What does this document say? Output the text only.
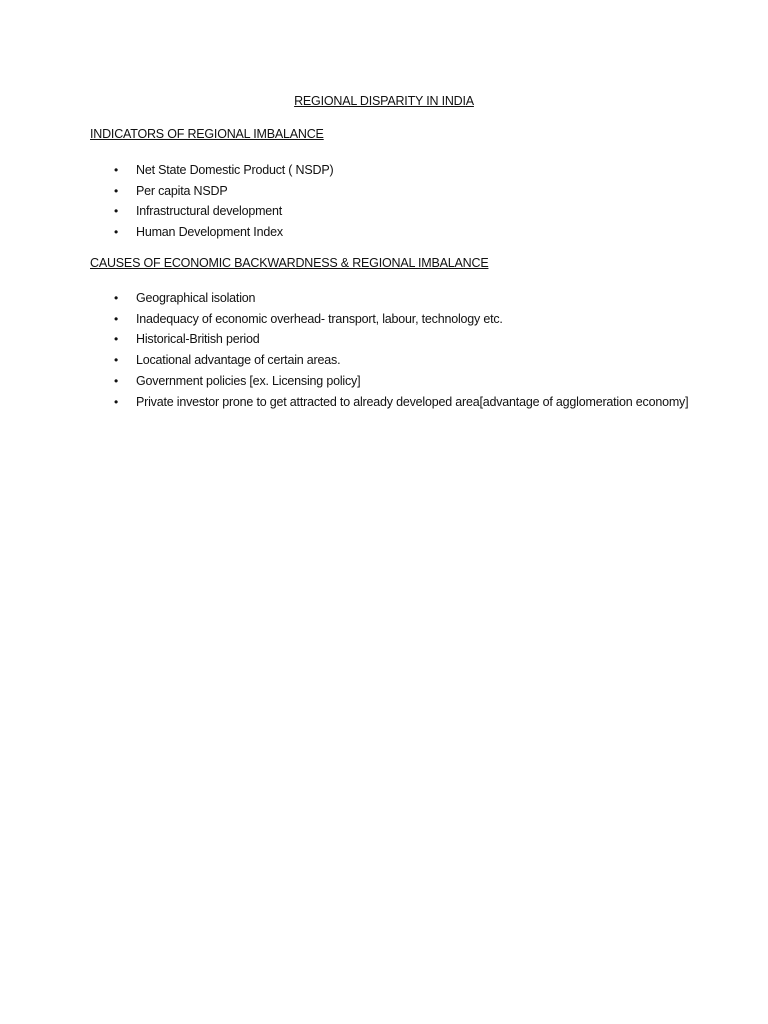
REGIONAL DISPARITY IN INDIA
INDICATORS OF REGIONAL IMBALANCE
•	Net State Domestic Product ( NSDP)
•	Per capita NSDP
•	Infrastructural development
•	Human Development Index
CAUSES OF ECONOMIC BACKWARDNESS & REGIONAL IMBALANCE
•	Geographical isolation
•	Inadequacy of economic overhead- transport, labour, technology etc.
•	Historical-British period
•	Locational advantage of certain areas.
•	Government policies [ex. Licensing policy]
•	Private investor prone to get attracted to already developed area[advantage of agglomeration economy]
